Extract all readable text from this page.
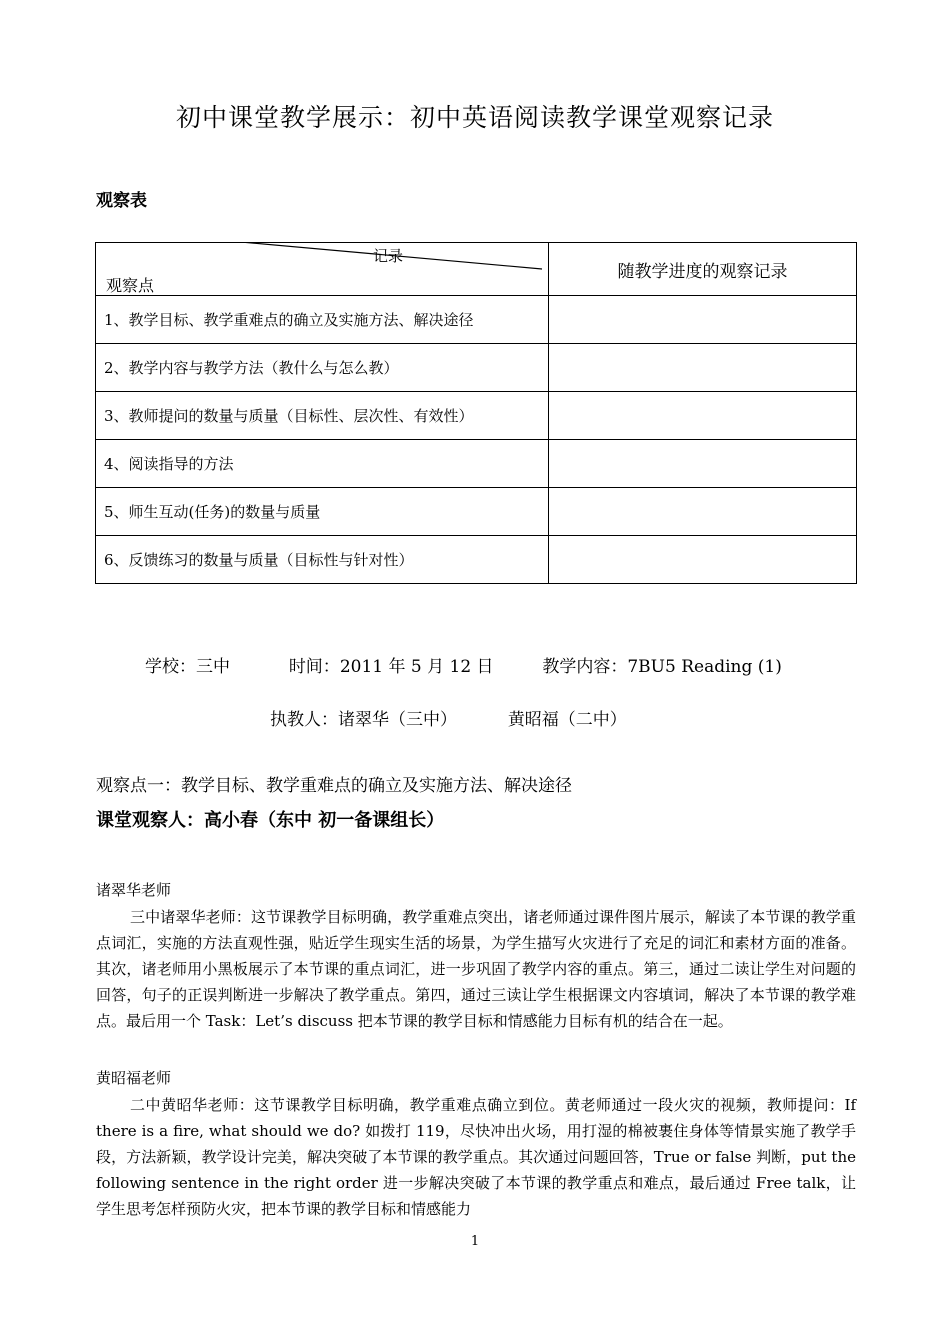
初中课堂教学展示：初中英语阅读教学课堂观察记录
观察表
记录
观察点	随教学进度的观察记录
1、教学目标、教学重难点的确立及实施方法、解决途径	
2、教学内容与教学方法（教什么与怎么教）	
3、教师提问的数量与质量（目标性、层次性、有效性）	
4、阅读指导的方法	
5、师生互动(任务)的数量与质量	
6、反馈练习的数量与质量（目标性与针对性）	
学校：三中	时间：2011 年 5 月 12 日	教学内容：7BU5 Reading (1)
执教人：诸翠华（三中）	黄昭福（二中）
观察点一：教学目标、教学重难点的确立及实施方法、解决途径
课堂观察人：高小春（东中 初一备课组长）
诸翠华老师
三中诸翠华老师：这节课教学目标明确，教学重难点突出，诸老师通过课件图片展示，解读了本节课的教学重点词汇，实施的方法直观性强，贴近学生现实生活的场景，为学生描写火灾进行了充足的词汇和素材方面的准备。其次，诸老师用小黑板展示了本节课的重点词汇，进一步巩固了教学内容的重点。第三，通过二读让学生对问题的回答，句子的正误判断进一步解决了教学重点。第四，通过三读让学生根据课文内容填词，解决了本节课的教学难点。最后用一个 Task：Let’s discuss 把本节课的教学目标和情感能力目标有机的结合在一起。
黄昭福老师
二中黄昭华老师：这节课教学目标明确，教学重难点确立到位。黄老师通过一段火灾的视频，教师提问：If there is a fire, what should we do? 如拨打 119，尽快冲出火场，用打湿的棉被裹住身体等情景实施了教学手段，方法新颖，教学设计完美，解决突破了本节课的教学重点。其次通过问题回答，True or false 判断，put the following sentence in the right order 进一步解决突破了本节课的教学重点和难点，最后通过 Free talk，让学生思考怎样预防火灾，把本节课的教学目标和情感能力
1
